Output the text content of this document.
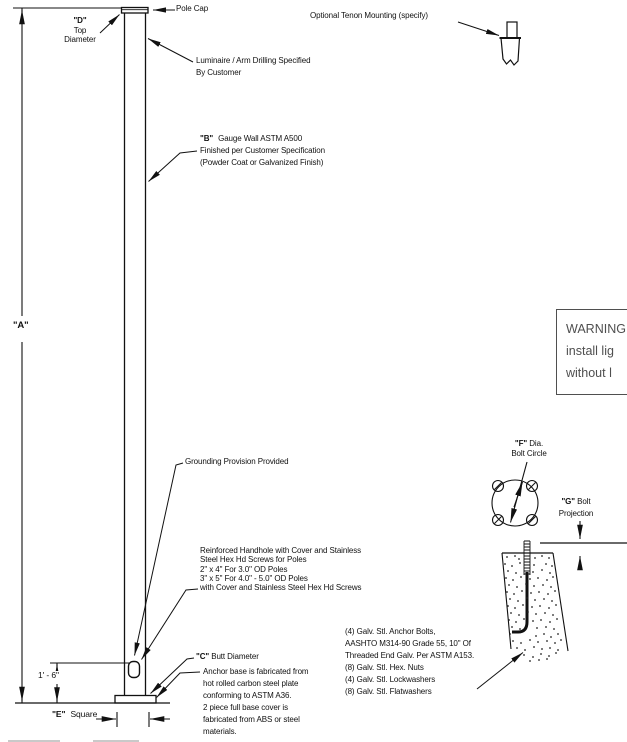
Pole Cap
"D"
Top
Diameter
Luminaire / Arm Drilling Specified
By Customer
Optional Tenon Mounting (specify)
"B" Gauge Wall ASTM A500
Finished per Customer Specification
(Powder Coat or Galvanized Finish)
"A"	WARNING
install lig
without l
"F" Dia.
Bolt Circle
"G" Bolt
Projection
Grounding Provision Provided
Reinforced Handhole with Cover and Stainless
Steel Hex Hd Screws for Poles
2" x 4" For 3.0" OD Poles
3" x 5" For 4.0" - 5.0" OD Poles
with Cover and Stainless Steel Hex Hd Screws
"C" Butt Diameter
Anchor base is fabricated from
hot rolled carbon steel plate
conforming to ASTM A36.
2 piece full base cover is
fabricated from ABS or steel
materials.
1' - 6"
"E" Square
(4) Galv. Stl. Anchor Bolts,
AASHTO M314-90 Grade 55, 10" Of
Threaded End Galv. Per ASTM A153.
(8) Galv. Stl. Hex. Nuts
(4) Galv. Stl. Lockwashers
(8) Galv. Stl. Flatwashers
